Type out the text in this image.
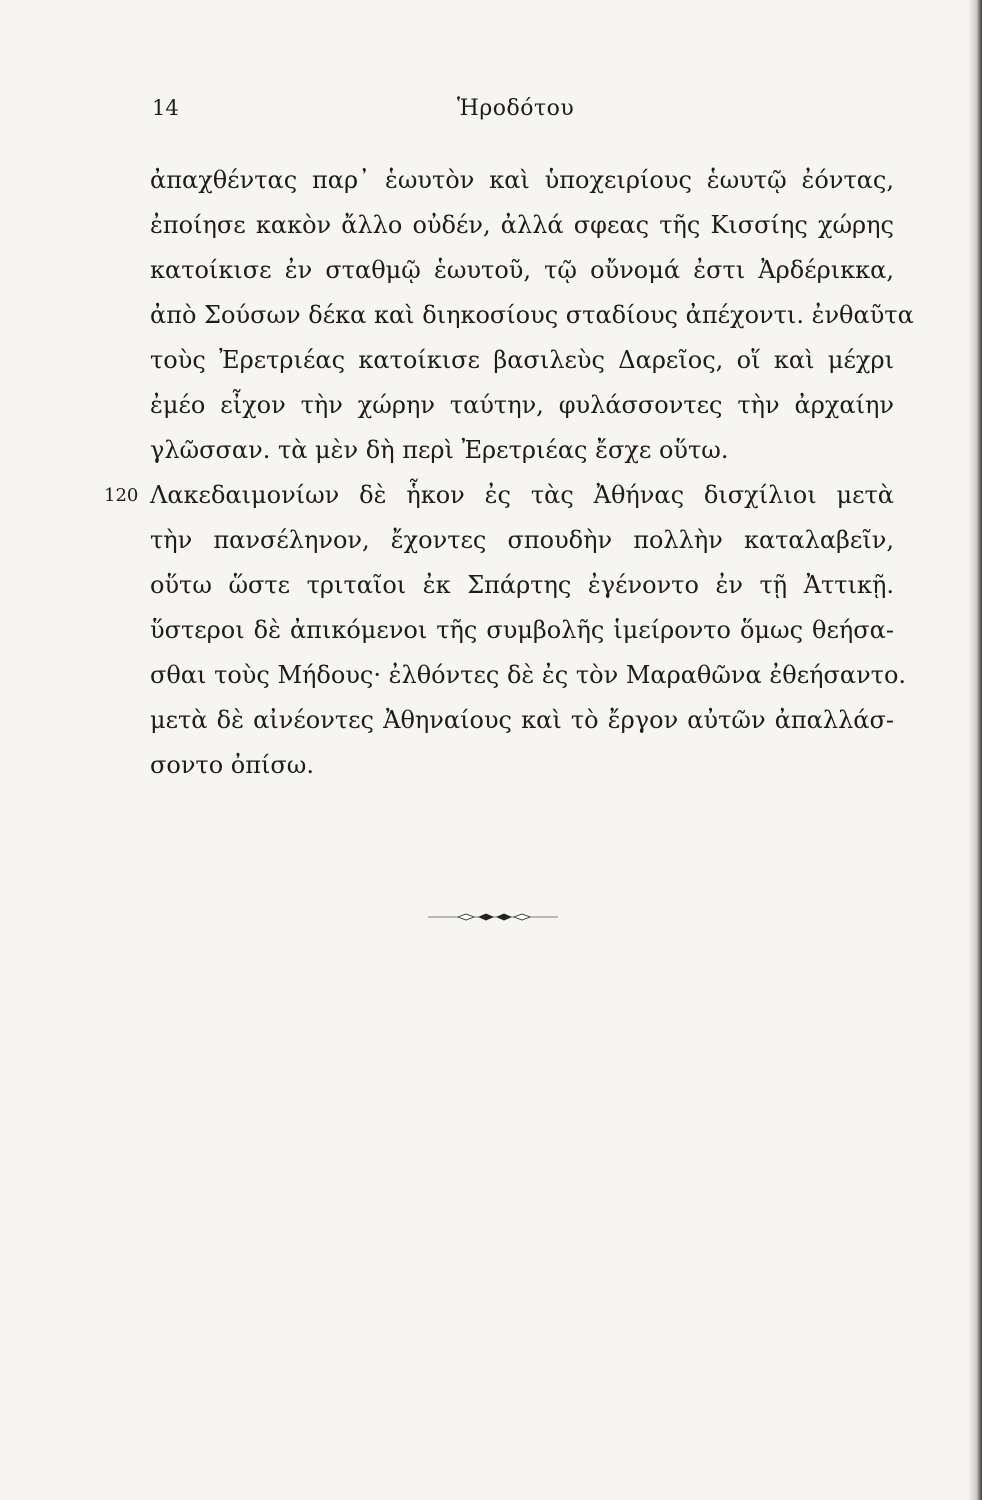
14	Ἡροδότου
ἀπαχθέντας παρ᾽ ἑωυτὸν καὶ ὑποχειρίους ἑωυτῷ ἐόντας,
ἐποίησε κακὸν ἄλλο οὐδέν, ἀλλά σφεας τῆς Κισσίης χώρης
κατοίκισε ἐν σταθμῷ ἑωυτοῦ, τῷ οὔνομά ἐστι Ἀρδέρικκα,
ἀπὸ Σούσων δέκα καὶ διηκοσίους σταδίους ἀπέχοντι. ἐνθαῦτα
τοὺς Ἐρετριέας κατοίκισε βασιλεὺς Δαρεῖος, οἵ καὶ μέχρι
ἐμέο εἶχον τὴν χώρην ταύτην, φυλάσσοντες τὴν ἀρχαίην
γλῶσσαν. τὰ μὲν δὴ περὶ Ἐρετριέας ἔσχε οὕτω.
120 Λακεδαιμονίων δὲ ἧκον ἐς τὰς Ἀθήνας δισχίλιοι μετὰ
τὴν πανσέληνον, ἔχοντες σπουδὴν πολλὴν καταλαβεῖν,
οὕτω ὥστε τριταῖοι ἐκ Σπάρτης ἐγένοντο ἐν τῇ Ἀττικῇ.
ὕστεροι δὲ ἀπικόμενοι τῆς συμβολῆς ἱμείροντο ὅμως θεήσα-
σθαι τοὺς Μήδους· ἐλθόντες δὲ ἐς τὸν Μαραθῶνα ἐθεήσαντο.
μετὰ δὲ αἰνέοντες Ἀθηναίους καὶ τὸ ἔργον αὐτῶν ἀπαλλάσ-
σοντο ὀπίσω.
